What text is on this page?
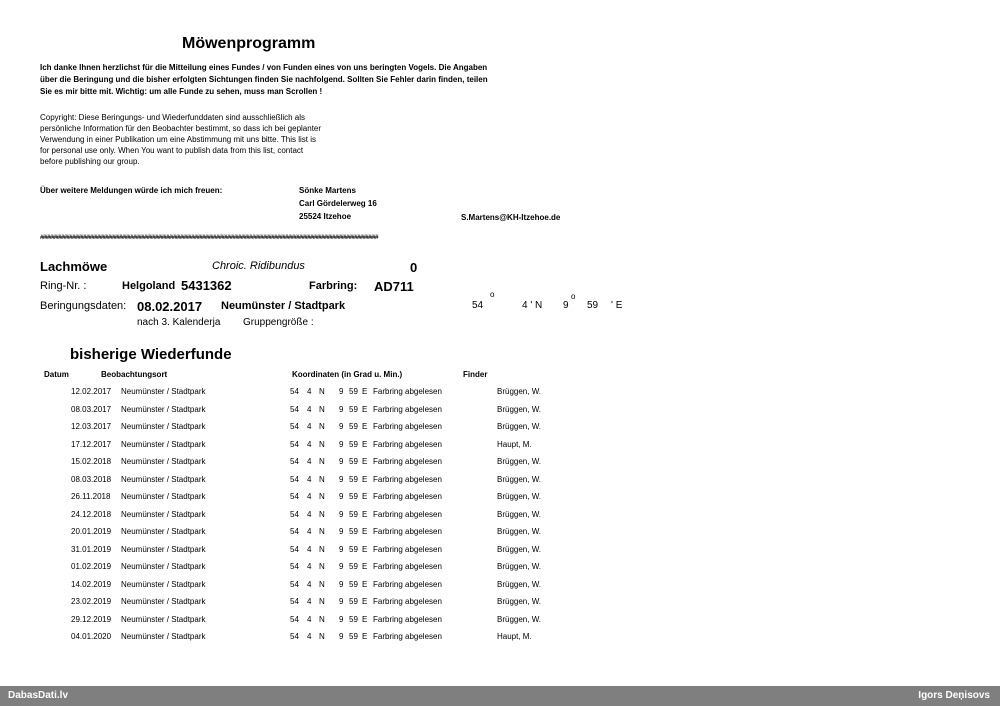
Möwenprogramm
Ich danke Ihnen herzlichst für die Mitteilung eines Fundes / von Funden eines von uns beringten Vogels. Die Angaben
über die Beringung und die bisher erfolgten Sichtungen finden Sie nachfolgend. Sollten Sie Fehler darin finden, teilen
Sie es mir bitte mit. Wichtig: um alle Funde zu sehen, muss man Scrollen !
Copyright: Diese Beringungs- und Wiederfunddaten sind ausschließlich als
persönliche Information für den Beobachter bestimmt, so dass ich bei geplanter
Verwendung in einer Publikation um eine Abstimmung mit uns bitte. This list is
for personal use only. When You want to publish data from this list, contact
before publishing our group.
Über weitere Meldungen würde ich mich freuen:	Sönke Martens
Carl Gördelerweg 16
25524 Itzehoe	S.Martens@KH-Itzehoe.de
##########################################################################################################################
Lachmöwe	Chroic. Ridibundus	0
Ring-Nr. :	Helgoland 5431362	Farbring: AD711
Beringungsdaten: 08.02.2017 Neumünster / Stadtpark	54
o
4 ' N 9
o
59 ' E
nach 3. Kalenderja Gruppengröße :
bisherige Wiederfunde
Datum	Beobachtungsort	Koordinaten (in Grad u. Min.)	Finder
12.02.2017 Neumünster / Stadtpark	54 4 N 9 59 E Farbring abgelesen	Brüggen, W.
08.03.2017 Neumünster / Stadtpark	54 4 N 9 59 E Farbring abgelesen	Brüggen, W.
12.03.2017 Neumünster / Stadtpark	54 4 N 9 59 E Farbring abgelesen	Brüggen, W.
17.12.2017 Neumünster / Stadtpark	54 4 N 9 59 E Farbring abgelesen	Haupt, M.
15.02.2018 Neumünster / Stadtpark	54 4 N 9 59 E Farbring abgelesen	Brüggen, W.
08.03.2018 Neumünster / Stadtpark	54 4 N 9 59 E Farbring abgelesen	Brüggen, W.
26.11.2018 Neumünster / Stadtpark	54 4 N 9 59 E Farbring abgelesen	Brüggen, W.
24.12.2018 Neumünster / Stadtpark	54 4 N 9 59 E Farbring abgelesen	Brüggen, W.
20.01.2019 Neumünster / Stadtpark	54 4 N 9 59 E Farbring abgelesen	Brüggen, W.
31.01.2019 Neumünster / Stadtpark	54 4 N 9 59 E Farbring abgelesen	Brüggen, W.
01.02.2019 Neumünster / Stadtpark	54 4 N 9 59 E Farbring abgelesen	Brüggen, W.
14.02.2019 Neumünster / Stadtpark	54 4 N 9 59 E Farbring abgelesen	Brüggen, W.
23.02.2019 Neumünster / Stadtpark	54 4 N 9 59 E Farbring abgelesen	Brüggen, W.
29.12.2019 Neumünster / Stadtpark	54 4 N 9 59 E Farbring abgelesen	Brüggen, W.
04.01.2020 Neumünster / Stadtpark	54 4 N 9 59 E Farbring abgelesen	Haupt, M.
DabasDati.lv	Igors Deņisovs
